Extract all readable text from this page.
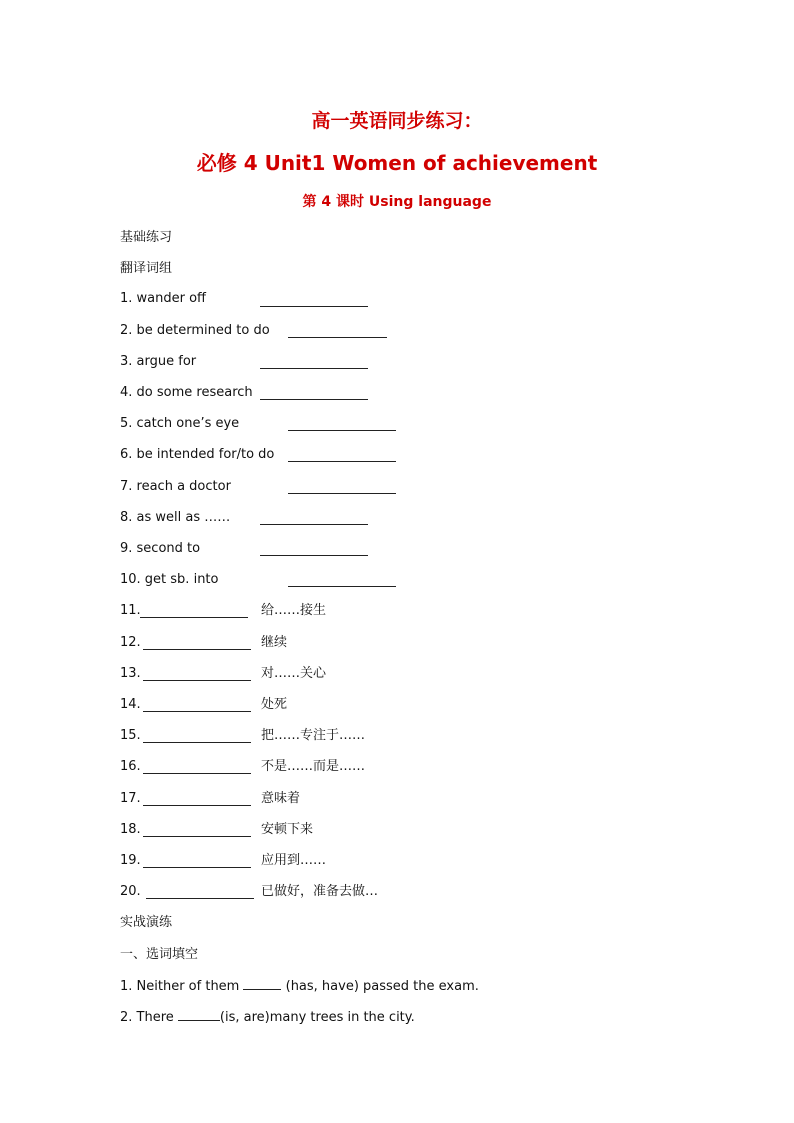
高一英语同步练习：
必修 4 Unit1 Women of achievement
第 4 课时 Using language
基础练习
翻译词组
1. wander off
2. be determined to do
3. argue for
4. do some research
5. catch one’s eye
6. be intended for/to do
7. reach a doctor
8. as well as ……
9. second to
10. get sb. into
11.	给……接生
12.	继续
13.	对……关心
14.	处死
15.	把……专注于……
16.	不是……而是……
17.	意味着
18.	安顿下来
19.	应用到……
20.	已做好，准备去做…
实战演练
一、选词填空
1. Neither of them	(has, have) passed the exam.
2. There	(is, are)many trees in the city.
